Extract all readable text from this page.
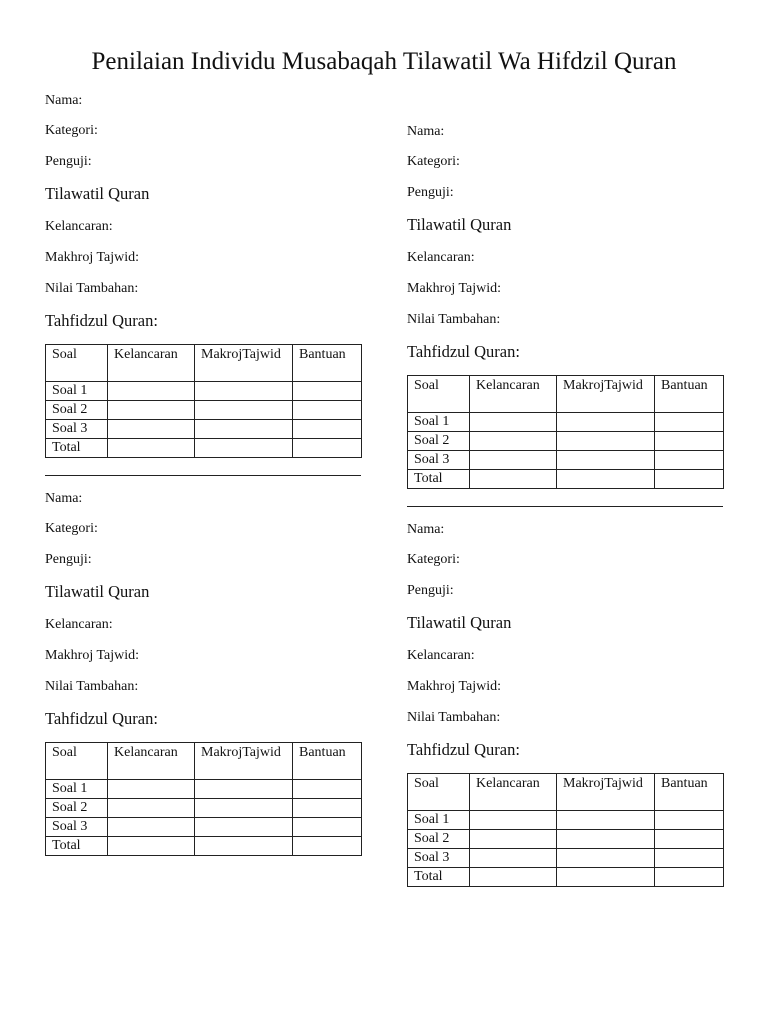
Penilaian Individu Musabaqah Tilawatil Wa Hifdzil Quran
Nama:
Kategori:
Penguji:
Tilawatil Quran
Kelancaran:
Makhroj Tajwid:
Nilai Tambahan:
Tahfidzul Quran:
Soal	Kelancaran	MakrojTajwid	Bantuan
Soal 1			
Soal 2			
Soal 3			
Total			
Nama:
Kategori:
Penguji:
Tilawatil Quran
Kelancaran:
Makhroj Tajwid:
Nilai Tambahan:
Tahfidzul Quran:
Soal	Kelancaran	MakrojTajwid	Bantuan
Soal 1			
Soal 2			
Soal 3			
Total			
Nama:
Kategori:
Penguji:
Tilawatil Quran
Kelancaran:
Makhroj Tajwid:
Nilai Tambahan:
Tahfidzul Quran:
Soal	Kelancaran	MakrojTajwid	Bantuan
Soal 1			
Soal 2			
Soal 3			
Total			
Nama:
Kategori:
Penguji:
Tilawatil Quran
Kelancaran:
Makhroj Tajwid:
Nilai Tambahan:
Tahfidzul Quran:
Soal	Kelancaran	MakrojTajwid	Bantuan
Soal 1			
Soal 2			
Soal 3			
Total			
